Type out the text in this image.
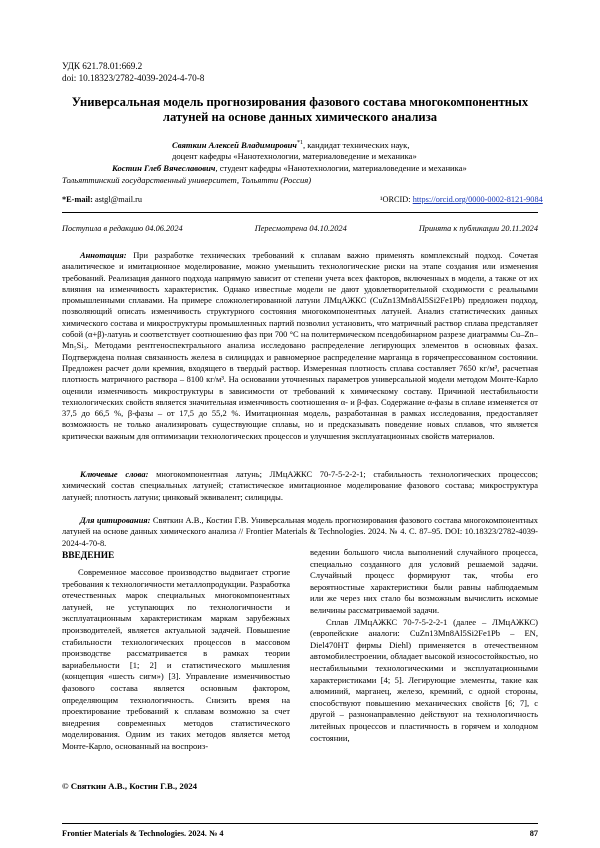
УДК 621.78.01:669.2
doi: 10.18323/2782-4039-2024-4-70-8
Универсальная модель прогнозирования фазового состава многокомпонентных латуней на основе данных химического анализа
Святкин Алексей Владимирович$^{*1}$, кандидат технических наук,
доцент кафедры «Нанотехнологии, материаловедение и механика»
Костин Глеб Вячеславович, студент кафедры «Нанотехнологии, материаловедение и механика»
Тольяттинский государственный университет, Тольятти (Россия)
*E-mail: astgl@mail.ru	¹ORCID: https://orcid.org/0000-0002-8121-9084
Поступила в редакцию 04.06.2024	Пересмотрена 04.10.2024	Принята к публикации 20.11.2024
Аннотация: При разработке технических требований к сплавам важно применять комплексный подход. Сочетая аналитическое и имитационное моделирование, можно уменьшить технологические риски на этапе создания или изменения требований. Реализация данного подхода напрямую зависит от степени учета всех факторов, включенных в модели, а также от их влияния на изменчивость характеристик. Однако известные модели не дают удовлетворительной сходимости с реальными промышленными сплавами. На примере сложнолегированной латуни ЛМцАЖКС (CuZn13Mn8Al5Si2Fe1Pb) предложен подход, позволяющий описать изменчивость структурного состояния многокомпонентных латуней. Анализ статистических данных химического состава и микроструктуры промышленных партий позволил установить, что матричный раствор сплава представляет собой (α+β)-латунь и соответствует соотношению фаз при 700 °C на политермическом псевдобинарном разрезе диаграммы Cu–Zn–Mn₅Si₃. Методами рентгеноспектрального анализа исследовано распределение легирующих элементов в основных фазах. Подтверждена полная связанность железа в силицидах и равномерное распределение марганца в горячепрессованном состоянии. Предложен расчет доли кремния, входящего в твердый раствор. Измеренная плотность сплава составляет 7650 кг/м³, расчетная плотность матричного раствора – 8100 кг/м³. На основании уточненных параметров универсальной модели методом Монте-Карло оценили изменчивость микроструктуры в зависимости от требований к химическому составу. Причиной нестабильности технологических свойств является значительная изменчивость соотношения α- и β-фаз. Содержание α-фазы в сплаве изменяется от 37,5 до 66,5 %, β-фазы – от 17,5 до 55,2 %. Имитационная модель, разработанная в рамках исследования, предоставляет возможность не только анализировать существующие сплавы, но и предсказывать поведение новых сплавов, что является критически важным для оптимизации технологических процессов и улучшения эксплуатационных свойств материалов.
Ключевые слова: многокомпонентная латунь; ЛМцАЖКС 70-7-5-2-2-1; стабильность технологических процессов; химический состав специальных латуней; статистическое имитационное моделирование фазового состава; микроструктура латуней; плотность латуни; цинковый эквивалент; силициды.
Для цитирования: Святкин А.В., Костин Г.В. Универсальная модель прогнозирования фазового состава многокомпонентных латуней на основе данных химического анализа // Frontier Materials & Technologies. 2024. № 4. С. 87–95. DOI: 10.18323/2782-4039-2024-4-70-8.
ВВЕДЕНИЕ

Современное массовое производство выдвигает строгие требования к технологичности металлопродукции. Разработка отечественных марок специальных многокомпонентных латуней, не уступающих по технологичности и эксплуатационным характеристикам маркам зарубежных производителей, является актуальной задачей. Повышение стабильности технологических процессов в массовом производстве рассматривается в рамках теории вариабельности [1; 2] и статистического мышления (концепция «шесть сигм») [3]. Управление изменчивостью фазового состава является основным фактором, определяющим технологичность. Снизить время на проектирование требований к сплавам возможно за счет внедрения современных методов статистического моделирования. Одним из таких методов является метод Монте-Карло, основанный на воспроиз-

ведении большого числа выполнений случайного процесса, специально созданного для условий решаемой задачи. Случайный процесс формируют так, чтобы его вероятностные характеристики были равны наблюдаемым или же через них стало бы возможным вычислить искомые величины рассматриваемой задачи.

Сплав ЛМцАЖКС 70-7-5-2-2-1 (далее – ЛМцАЖКС) (европейские аналоги: CuZn13Mn8Al5Si2Fe1Pb – EN, Diel470HT фирмы Diehl) применяется в отечественном автомобилестроении, обладает высокой износостойкостью, но нестабильными технологическими и эксплуатационными характеристиками [4; 5]. Легирующие элементы, такие как алюминий, марганец, железо, кремний, с одной стороны, способствуют повышению механических свойств [6; 7], с другой – разнонаправленно действуют на технологичность литейных процессов и пластичность в горячем и холодном состоянии,

© Святкин А.В., Костин Г.В., 2024
Frontier Materials & Technologies. 2024. № 4	87
